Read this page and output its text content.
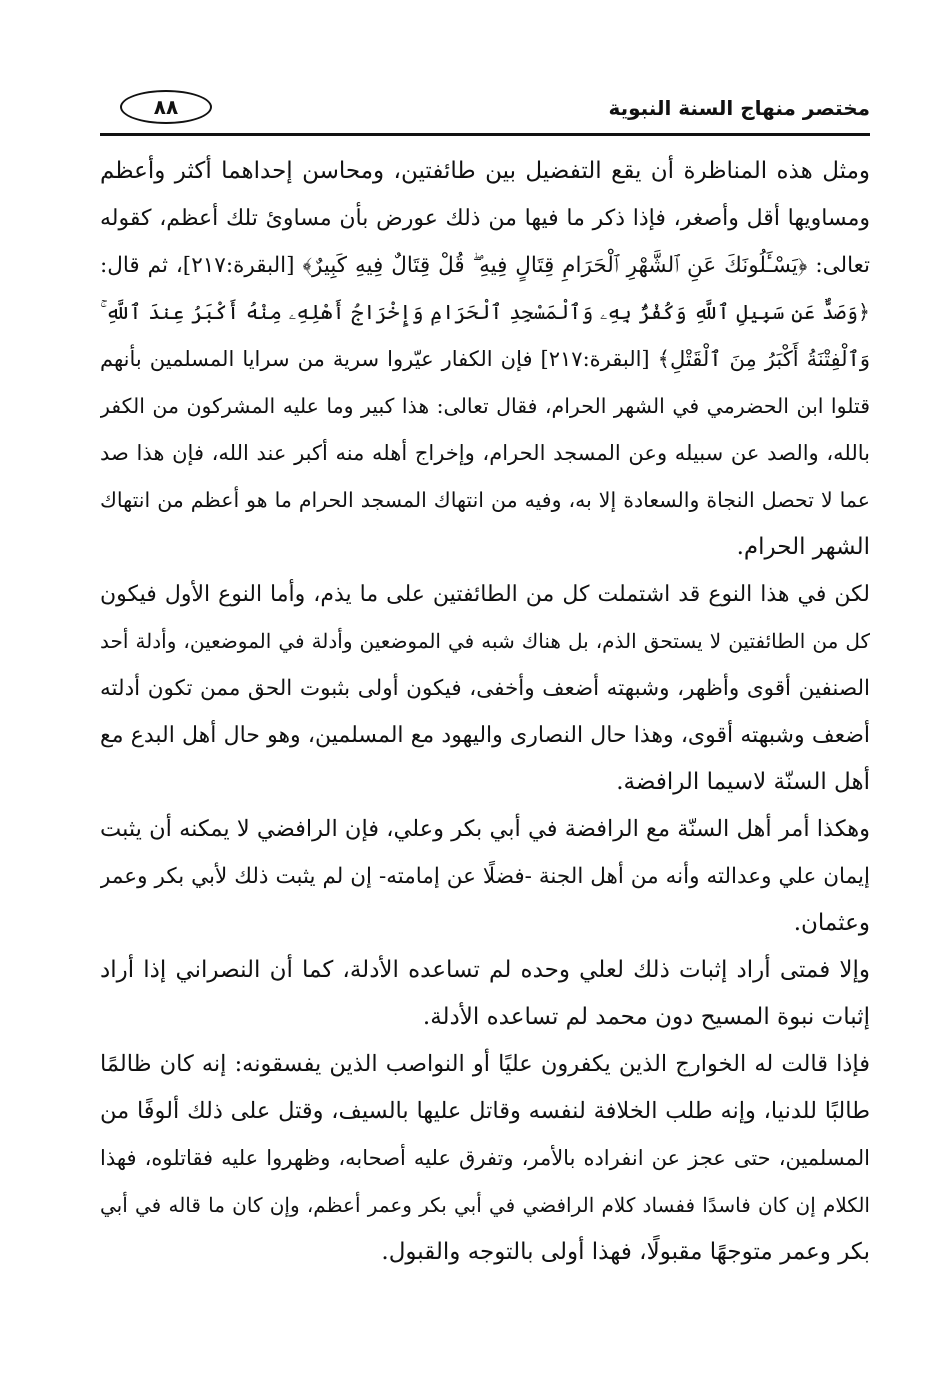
مختصر منهاج السنة النبوية
٨٨
ومثل هذه المناظرة أن يقع التفضيل بين طائفتين، ومحاسن إحداهما أكثر وأعظم
ومساويها أقل وأصغر، فإذا ذكر ما فيها من ذلك عورض بأن مساوئ تلك أعظم، كقوله
تعالى: ﴿يَسْـَٔلُونَكَ عَنِ ٱلشَّهْرِ ٱلْحَرَامِ قِتَالٍ فِيهِ ۖ قُلْ قِتَالٌ فِيهِ كَبِيرٌ﴾ [البقرة:٢١٧]، ثم قال:
﴿وَصَدٌّ عَن سَبِيلِ ٱللَّهِ وَكُفْرٌۢ بِهِۦ وَٱلْمَسْجِدِ ٱلْحَرَامِ وَإِخْرَاجُ أَهْلِهِۦ مِنْهُ أَكْبَرُ عِندَ ٱللَّهِ ۚ
وَٱلْفِتْنَةُ أَكْبَرُ مِنَ ٱلْقَتْلِ﴾ [البقرة:٢١٧] فإن الكفار عيّروا سرية من سرايا المسلمين بأنهم
قتلوا ابن الحضرمي في الشهر الحرام، فقال تعالى: هذا كبير وما عليه المشركون من الكفر
بالله، والصد عن سبيله وعن المسجد الحرام، وإخراج أهله منه أكبر عند الله، فإن هذا صد
عما لا تحصل النجاة والسعادة إلا به، وفيه من انتهاك المسجد الحرام ما هو أعظم من انتهاك
الشهر الحرام.
لكن في هذا النوع قد اشتملت كل من الطائفتين على ما يذم، وأما النوع الأول فيكون
كل من الطائفتين لا يستحق الذم، بل هناك شبه في الموضعين وأدلة في الموضعين، وأدلة أحد
الصنفين أقوى وأظهر، وشبهته أضعف وأخفى، فيكون أولى بثبوت الحق ممن تكون أدلته
أضعف وشبهته أقوى، وهذا حال النصارى واليهود مع المسلمين، وهو حال أهل البدع مع
أهل السنّة لاسيما الرافضة.
وهكذا أمر أهل السنّة مع الرافضة في أبي بكر وعلي، فإن الرافضي لا يمكنه أن يثبت
إيمان علي وعدالته وأنه من أهل الجنة -فضلًا عن إمامته- إن لم يثبت ذلك لأبي بكر وعمر
وعثمان.
وإلا فمتى أراد إثبات ذلك لعلي وحده لم تساعده الأدلة، كما أن النصراني إذا أراد
إثبات نبوة المسيح دون محمد لم تساعده الأدلة.
فإذا قالت له الخوارج الذين يكفرون عليًا أو النواصب الذين يفسقونه: إنه كان ظالمًا
طالبًا للدنيا، وإنه طلب الخلافة لنفسه وقاتل عليها بالسيف، وقتل على ذلك ألوفًا من
المسلمين، حتى عجز عن انفراده بالأمر، وتفرق عليه أصحابه، وظهروا عليه فقاتلوه، فهذا
الكلام إن كان فاسدًا ففساد كلام الرافضي في أبي بكر وعمر أعظم، وإن كان ما قاله في أبي
بكر وعمر متوجهًا مقبولًا، فهذا أولى بالتوجه والقبول.
